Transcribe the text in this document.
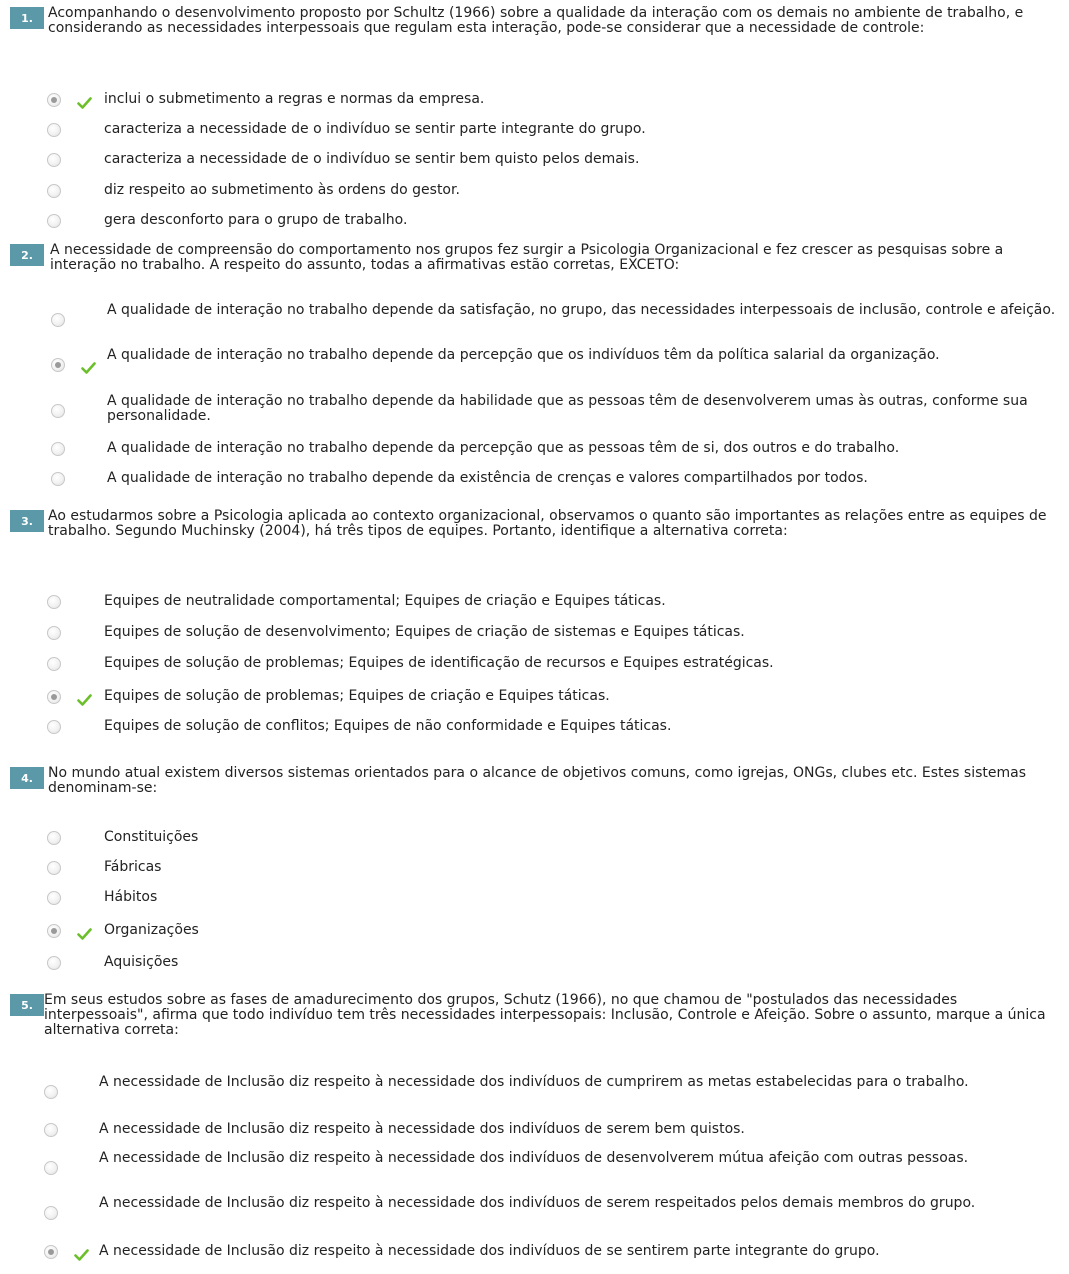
1.	Acompanhando o desenvolvimento proposto por Schultz (1966) sobre a qualidade da interação com os demais no ambiente de trabalho, e considerando as necessidades interpessoais que regulam esta interação, pode-se considerar que a necessidade de controle:
inclui o submetimento a regras e normas da empresa.
caracteriza a necessidade de o indivíduo se sentir parte integrante do grupo.
caracteriza a necessidade de o indivíduo se sentir bem quisto pelos demais.
diz respeito ao submetimento às ordens do gestor.
gera desconforto para o grupo de trabalho.
2.	A necessidade de compreensão do comportamento nos grupos fez surgir a Psicologia Organizacional e fez crescer as pesquisas sobre a interação no trabalho. A respeito do assunto, todas a afirmativas estão corretas, EXCETO:
A qualidade de interação no trabalho depende da satisfação, no grupo, das necessidades interpessoais de inclusão, controle e afeição.
A qualidade de interação no trabalho depende da percepção que os indivíduos têm da política salarial da organização.
A qualidade de interação no trabalho depende da habilidade que as pessoas têm de desenvolverem umas às outras, conforme sua personalidade.
A qualidade de interação no trabalho depende da percepção que as pessoas têm de si, dos outros e do trabalho.
A qualidade de interação no trabalho depende da existência de crenças e valores compartilhados por todos.
3.	Ao estudarmos sobre a Psicologia aplicada ao contexto organizacional, observamos o quanto são importantes as relações entre as equipes de trabalho. Segundo Muchinsky (2004), há três tipos de equipes. Portanto, identifique a alternativa correta:
Equipes de neutralidade comportamental; Equipes de criação e Equipes táticas.
Equipes de solução de desenvolvimento; Equipes de criação de sistemas e Equipes táticas.
Equipes de solução de problemas; Equipes de identificação de recursos e Equipes estratégicas.
Equipes de solução de problemas; Equipes de criação e Equipes táticas.
Equipes de solução de conflitos; Equipes de não conformidade e Equipes táticas.
4.	No mundo atual existem diversos sistemas orientados para o alcance de objetivos comuns, como igrejas, ONGs, clubes etc. Estes sistemas denominam-se:
Constituições
Fábricas
Hábitos
Organizações
Aquisições
5. Em seus estudos sobre as fases de amadurecimento dos grupos, Schutz (1966), no que chamou de "postulados das necessidades interpessoais", afirma que todo indivíduo tem três necessidades interpessopais: Inclusão, Controle e Afeição. Sobre o assunto, marque a única alternativa correta:
A necessidade de Inclusão diz respeito à necessidade dos indivíduos de cumprirem as metas estabelecidas para o trabalho.
A necessidade de Inclusão diz respeito à necessidade dos indivíduos de serem bem quistos.
A necessidade de Inclusão diz respeito à necessidade dos indivíduos de desenvolverem mútua afeição com outras pessoas.
A necessidade de Inclusão diz respeito à necessidade dos indivíduos de serem respeitados pelos demais membros do grupo.
A necessidade de Inclusão diz respeito à necessidade dos indivíduos de se sentirem parte integrante do grupo.
